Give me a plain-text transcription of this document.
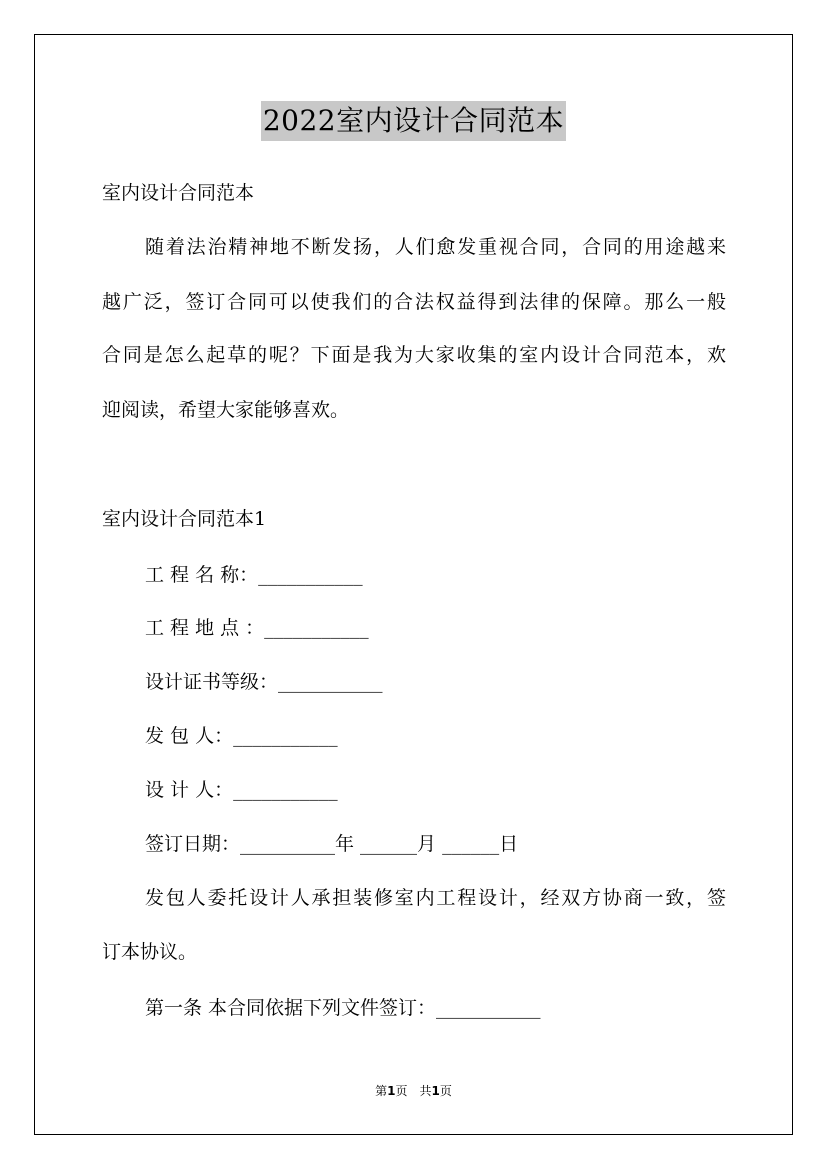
2022室内设计合同范本
室内设计合同范本
随着法治精神地不断发扬，人们愈发重视合同，合同的用途越来
越广泛，签订合同可以使我们的合法权益得到法律的保障。那么一般
合同是怎么起草的呢？下面是我为大家收集的室内设计合同范本，欢
迎阅读，希望大家能够喜欢。
室内设计合同范本1
工 程 名 称：___________
工 程 地 点 ：___________
设计证书等级：___________
发 包 人：___________
设 计 人：___________
签订日期：__________年 ______月 ______日
发包人委托设计人承担装修室内工程设计，经双方协商一致，签
订本协议。
第一条 本合同依据下列文件签订：___________
第1页 共1页
